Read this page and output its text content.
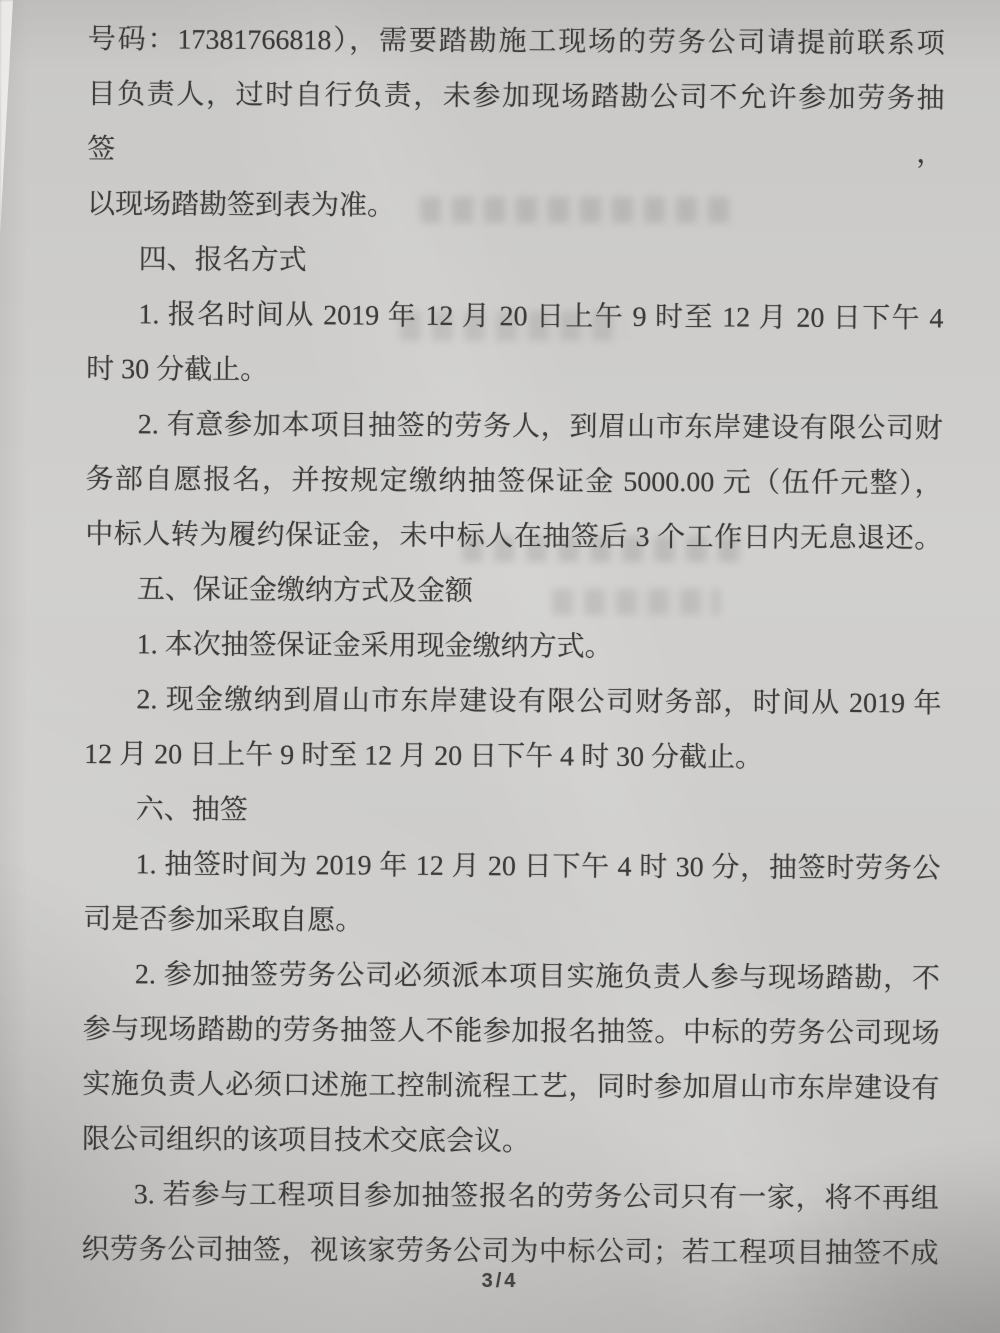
号码：17381766818），需要踏勘施工现场的劳务公司请提前联系项
目负责人，过时自行负责，未参加现场踏勘公司不允许参加劳务抽签，
以现场踏勘签到表为准。
四、报名方式
1. 报名时间从 2019 年 12 月 20 日上午 9 时至 12 月 20 日下午 4
时 30 分截止。
2. 有意参加本项目抽签的劳务人，到眉山市东岸建设有限公司财
务部自愿报名，并按规定缴纳抽签保证金 5000.00 元（伍仟元整），
中标人转为履约保证金，未中标人在抽签后 3 个工作日内无息退还。
五、保证金缴纳方式及金额
1. 本次抽签保证金采用现金缴纳方式。
2. 现金缴纳到眉山市东岸建设有限公司财务部，时间从 2019 年
12 月 20 日上午 9 时至 12 月 20 日下午 4 时 30 分截止。
六、抽签
1. 抽签时间为 2019 年 12 月 20 日下午 4 时 30 分，抽签时劳务公
司是否参加采取自愿。
2. 参加抽签劳务公司必须派本项目实施负责人参与现场踏勘，不
参与现场踏勘的劳务抽签人不能参加报名抽签。中标的劳务公司现场
实施负责人必须口述施工控制流程工艺，同时参加眉山市东岸建设有
限公司组织的该项目技术交底会议。
3. 若参与工程项目参加抽签报名的劳务公司只有一家，将不再组
织劳务公司抽签，视该家劳务公司为中标公司；若工程项目抽签不成
3/4
